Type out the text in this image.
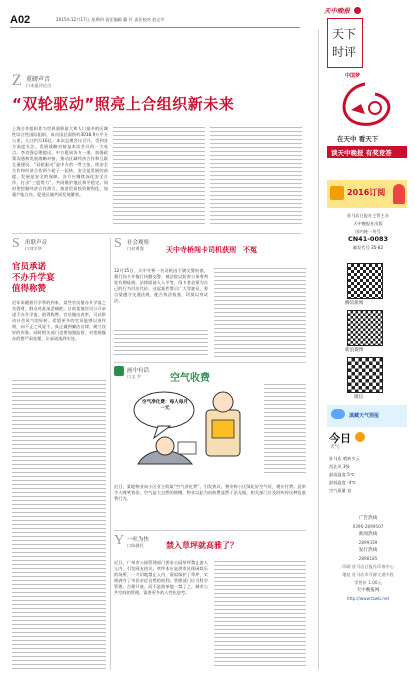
A02	2015年12月17日 星期四 责任编辑 戴 红 责任校对 赵志平
Z 重磅声音
口本报评论员
“双轮驱动”照亮上合组织新未来
上海合作组织作为世界面积最大和人口最多的区域性综合性国际组织，成员国总面积约3018.9万平方公里，人口约为16亿。本次总理会议召开，受到各方高度关注。发展战略对接是本次会议的一大亮点。李克强总理提出，中方愿同各方一道，加强政策沟通和发展战略对接，推动区域经济合作和互联互通建设。“双轮驱动”是中方的一贯主张，即安全合作和经济合作两个轮子一起转。安全是发展的前提，发展是安全的保障。各方应继续深化安全合作，打击“三股势力”，共同维护地区和平稳定。同时要挖掘经济合作潜力，推进贸易投资便利化，加强产能合作，促进区域共同发展繁荣。
天中晚报
天下
时评
中国梦
在天中 看天下
读天中晚报 有奖竞答
2016订阅
驻马店日报社主管主办
天中晚报社出版
国内统一刊号
CN41-0083
邮发代号 35-82
腾讯新闻
新浪微博
微信
滇藏天气预报
今日
天气
驻马店 晴转多云
西北风 3级
最高温度 5℃
最低温度 -4℃
空气质量 良
广告热线
0396-2899507
新闻热线
2899339
发行热线
2898185
印刷 驻马店日报社印务中心
地址 驻马店市开源大道中段
零售价 1.00元
天中晚报网
http://www.tzwb.net
S 串联声音
口刘学华
官员承诺
不办升学宴
值得称赞
近年来随着升学季的到来，某些官员借办升学宴之名敛财，群众对此深恶痛绝。日前某地官员公开承诺不办升学宴，值得称赞。官员做出表率，可以带动社会风气的好转。希望更多的官员能够以身作则，向不正之风说不，真正做到廉洁自律，树立良好的形象。同时相关部门也要加强监督，对违规操办的要严肃处理，让承诺落到实处。
S 社会观察
口何勇海	天中寺桥闯卡司机获刑　不冤
12月15日，天中寺桥一名司机因不满交警检查，强行闯卡并拖行执勤交警，被法院以妨害公务罪判处有期徒刑。法律面前人人平等，闯卡者必须为自己的行为付出代价。这起案件警示广大驾驶员，要自觉遵守交通法规，配合执法检查，切莫以身试法。
画中有话
口文 尹	空气收费
空气净化费：每人每月一元
近日，某地物业向小区业主收取“空气净化费”，引发热议。物业称小区绿化好空气好，理应付费。此举令人啼笑皆非。空气是大自然的馈赠，物业以此为由收费显然于法无据，相关部门应及时叫停这种乱收费行为。
Y 一吐为快
口陈健民	禁入草坪就高雅了？
近日，广州市公园管理部门要求公园草坪禁止游人入内，引发网友热议。草坪本应是供市民休闲娱乐的场所，一刀切地禁止入内，看似保护了草坪，实则剥夺了市民亲近自然的权利。管理部门应当科学管理，合理开放，而不是简单地一禁了之。城市公共空间的管理，需要更多的人性化思考。
